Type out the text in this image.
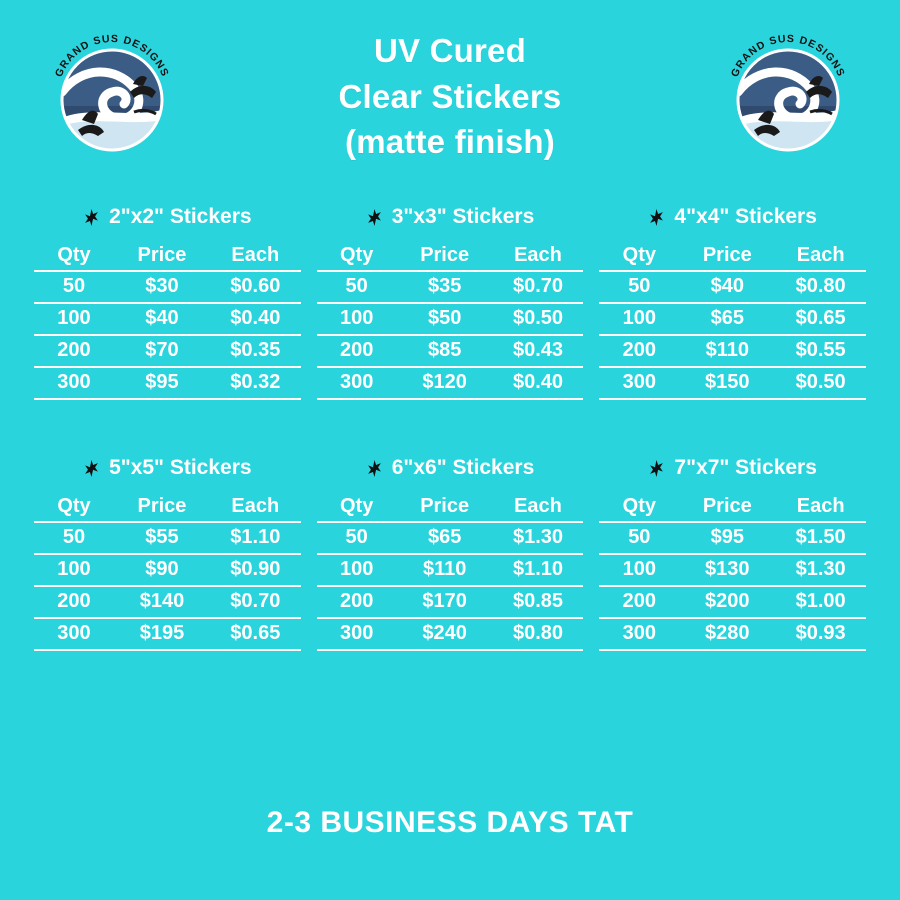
GRAND SUS DESIGNS
UV Cured
Clear Stickers
(matte finish)
GRAND SUS DESIGNS
2"x2" Stickers
Qty	Price	Each
50	$30	$0.60
100	$40	$0.40
200	$70	$0.35
300	$95	$0.32
3"x3" Stickers
Qty	Price	Each
50	$35	$0.70
100	$50	$0.50
200	$85	$0.43
300	$120	$0.40
4"x4" Stickers
Qty	Price	Each
50	$40	$0.80
100	$65	$0.65
200	$110	$0.55
300	$150	$0.50
5"x5" Stickers
Qty	Price	Each
50	$55	$1.10
100	$90	$0.90
200	$140	$0.70
300	$195	$0.65
6"x6" Stickers
Qty	Price	Each
50	$65	$1.30
100	$110	$1.10
200	$170	$0.85
300	$240	$0.80
7"x7" Stickers
Qty	Price	Each
50	$95	$1.50
100	$130	$1.30
200	$200	$1.00
300	$280	$0.93
2-3 BUSINESS DAYS TAT
